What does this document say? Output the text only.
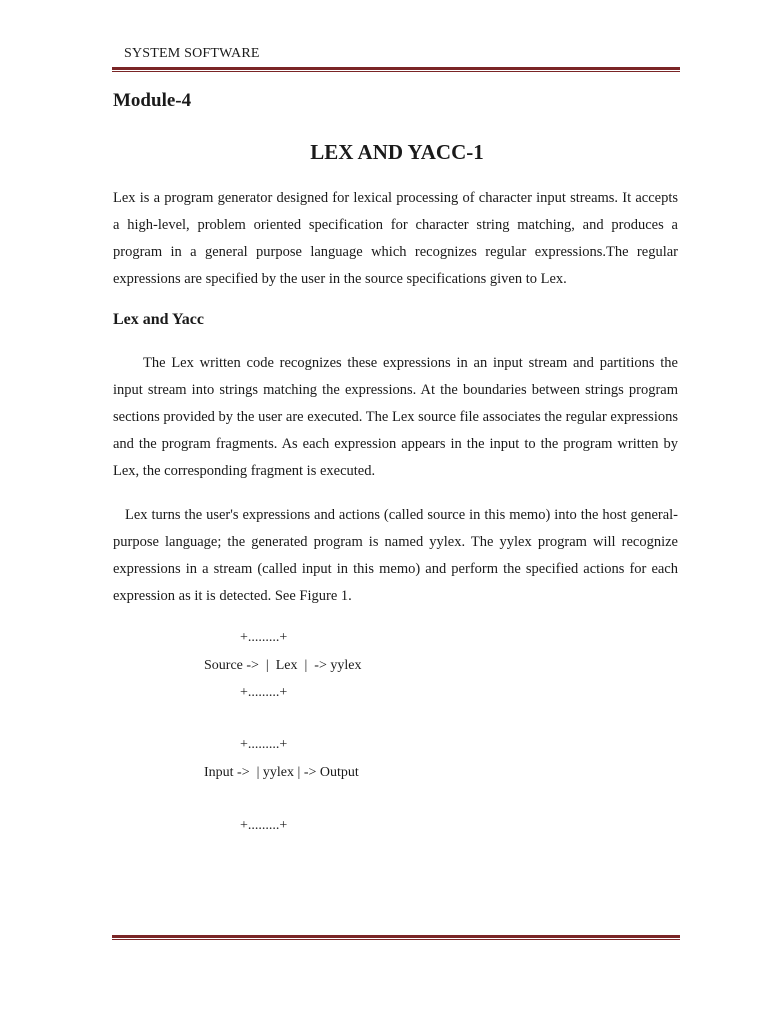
SYSTEM SOFTWARE
Module-4
LEX AND YACC-1

Lex is a program generator designed for lexical processing of character input streams. It accepts a high-level, problem oriented specification for character string matching, and produces a program in a general purpose language which recognizes regular expressions.The regular expressions are specified by the user in the source specifications given to Lex.

Lex and Yacc

The Lex written code recognizes these expressions in an input stream and partitions the input stream into strings matching the expressions. At the boundaries between strings program sections provided by the user are executed. The Lex source file associates the regular expressions and the program fragments. As each expression appears in the input to the program written by Lex, the corresponding fragment is executed.

Lex turns the user's expressions and actions (called source in this memo) into the host general-purpose language; the generated program is named yylex. The yylex program will recognize expressions in a stream (called input in this memo) and perform the specified actions for each expression as it is detected. See Figure 1.

+.........+
Source ->  |  Lex  |  -> yylex
+.........+
+.........+
Input ->  | yylex | -> Output
+.........+
